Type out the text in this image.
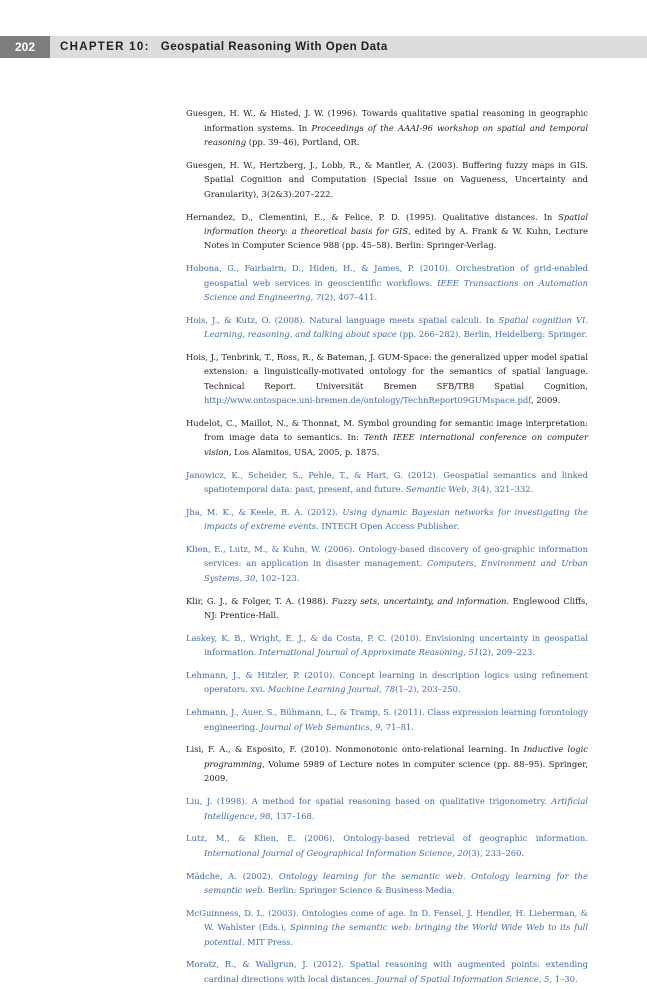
202	CHAPTER 10: Geospatial Reasoning With Open Data

Guesgen, H. W., & Histed, J. W. (1996). Towards qualitative spatial reasoning in geographic information systems. In Proceedings of the AAAI-96 workshop on spatial and temporal reasoning (pp. 39–46), Portland, OR.

Guesgen, H. W., Hertzberg, J., Lobb, R., & Mantler, A. (2003). Buffering fuzzy maps in GIS. Spatial Cognition and Computation (Special Issue on Vagueness, Uncertainty and Granularity), 3(2&3):207–222.

Hernandez, D., Clementini, E., & Felice, P. D. (1995). Qualitative distances. In Spatial information theory: a theoretical basis for GIS, edited by A. Frank & W. Kuhn, Lecture Notes in Computer Science 988 (pp. 45–58). Berlin: Springer-Verlag.

Hobona, G., Fairbairn, D., Hiden, H., & James, P. (2010). Orchestration of grid-enabled geospatial web services in geoscientific workflows. IEEE Transactions on Automation Science and Engineering, 7(2), 407–411.

Hois, J., & Kutz, O. (2008). Natural language meets spatial calculi. In Spatial cognition VI. Learning, reasoning, and talking about space (pp. 266–282). Berlin, Heidelberg: Springer.

Hois, J., Tenbrink, T., Ross, R., & Bateman, J. GUM-Space: the generalized upper model spatial extension: a linguistically-motivated ontology for the semantics of spatial language. Technical Report. Universität Bremen SFB/TR8 Spatial Cognition, http://www.ontospace.uni-bremen.de/ontology/TechnReport09GUMspace.pdf, 2009.

Hudelot, C., Maillot, N., & Thonnat, M. Symbol grounding for semantic image interpretation: from image data to semantics. In: Tenth IEEE international conference on computer vision, Los Alamitos, USA, 2005, p. 1875.

Janowicz, K., Scheider, S., Pehle, T., & Hart, G. (2012). Geospatial semantics and linked spatiotemporal data: past, present, and future. Semantic Web, 3(4), 321–332.

Jha, M. K., & Keele, R. A. (2012). Using dynamic Bayesian networks for investigating the impacts of extreme events. INTECH Open Access Publisher.

Klien, E., Lutz, M., & Kuhn, W. (2006). Ontology-based discovery of geo-graphic information services: an application in disaster management. Computers, Environment and Urban Systems, 30, 102–123.

Klir, G. J., & Folger, T. A. (1988). Fuzzy sets, uncertainty, and information. Englewood Cliffs, NJ: Prentice-Hall.

Laskey, K. B., Wright, E. J., & da Costa, P. C. (2010). Envisioning uncertainty in geospatial information. International Journal of Approximate Reasoning, 51(2), 209–223.

Lehmann, J., & Hitzler, P. (2010). Concept learning in description logics using refinement operators. xvi. Machine Learning Journal, 78(1–2), 203–250.

Lehmann, J., Auer, S., Bühmann, L., & Tramp, S. (2011). Class expression learning forontology engineering. Journal of Web Semantics, 9, 71–81.

Lisi, F. A., & Esposito, F. (2010). Nonmonotonic onto-relational learning. In Inductive logic programming, Volume 5989 of Lecture notes in computer science (pp. 88–95). Springer, 2009.

Liu, J. (1998). A method for spatial reasoning based on qualitative trigonometry. Artificial Intelligence, 98, 137–168.

Lutz, M., & Klien, E. (2006). Ontology-based retrieval of geographic information. International Journal of Geographical Information Science, 20(3), 233–260.

Mädche, A. (2002). Ontology learning for the semantic web. Ontology learning for the semantic web. Berlin: Springer Science & Business Media.

McGuinness, D. L. (2003). Ontologies come of age. In D. Fensel, J. Hendler, H. Lieberman, & W. Wahlster (Eds.), Spinning the semantic web: bringing the World Wide Web to its full potential. MIT Press.

Moratz, R., & Wallgrun, J. (2012). Spatial reasoning with augmented points: extending cardinal directions with local distances. Journal of Spatial Information Science, 5, 1–30.
